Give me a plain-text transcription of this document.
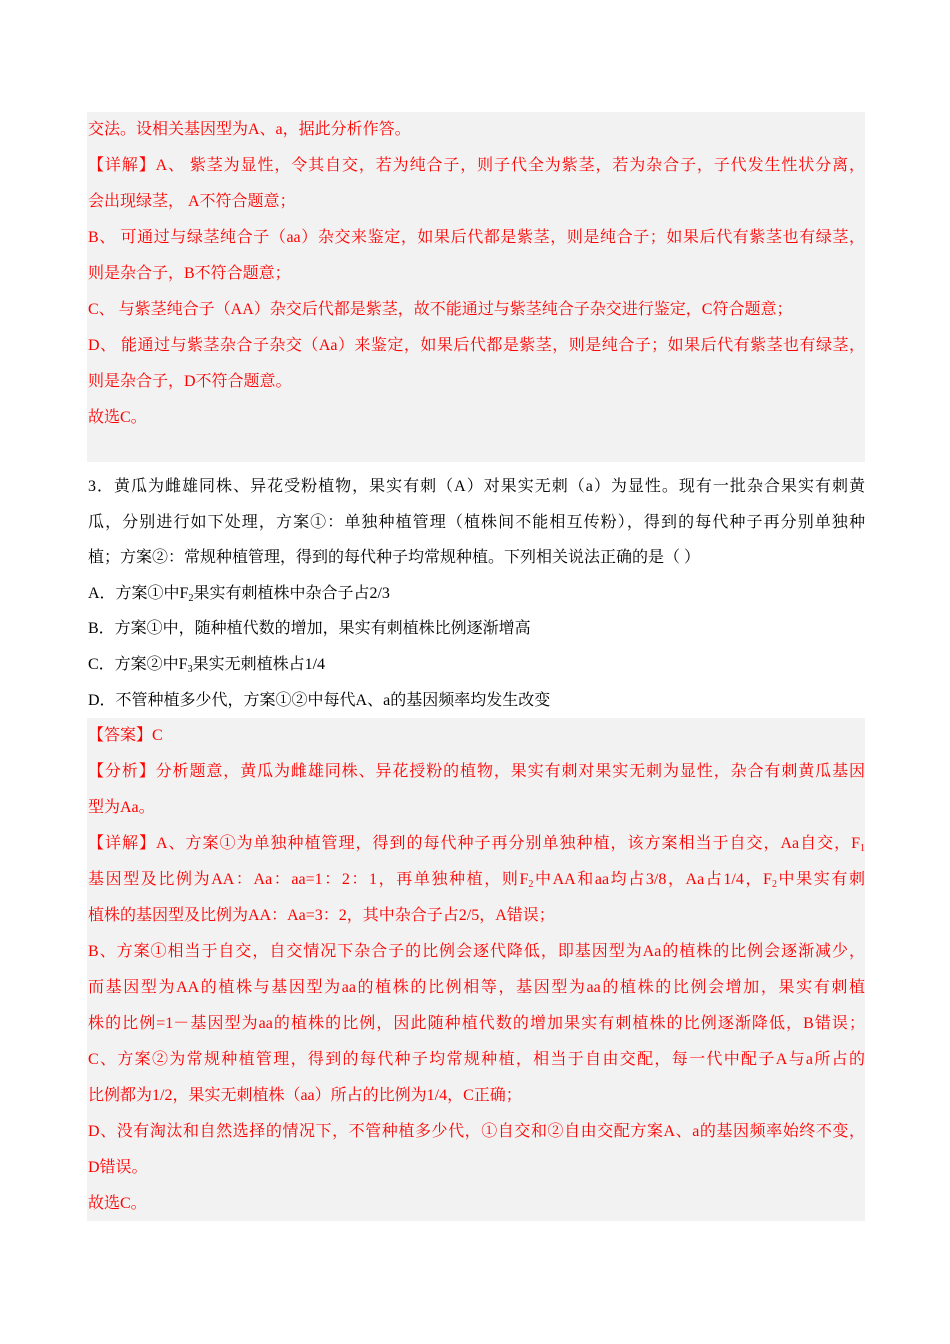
交法。设相关基因型为A、a，据此分析作答。
【详解】A、 紫茎为显性，令其自交，若为纯合子，则子代全为紫茎，若为杂合子，子代发生性状分离，
会出现绿茎， A不符合题意；
B、 可通过与绿茎纯合子（aa）杂交来鉴定，如果后代都是紫茎，则是纯合子；如果后代有紫茎也有绿茎，
则是杂合子，B不符合题意；
C、 与紫茎纯合子（AA）杂交后代都是紫茎，故不能通过与紫茎纯合子杂交进行鉴定，C符合题意；
D、 能通过与紫茎杂合子杂交（Aa）来鉴定，如果后代都是紫茎，则是纯合子；如果后代有紫茎也有绿茎，
则是杂合子，D不符合题意。
故选C。
3．黄瓜为雌雄同株、异花受粉植物，果实有刺（A）对果实无刺（a）为显性。现有一批杂合果实有刺黄
瓜，分别进行如下处理，方案①：单独种植管理（植株间不能相互传粉），得到的每代种子再分别单独种
植；方案②：常规种植管理，得到的每代种子均常规种植。下列相关说法正确的是（ ）
A．方案①中$F_2$果实有刺植株中杂合子占2/3
B．方案①中，随种植代数的增加，果实有刺植株比例逐渐增高
C．方案②中$F_3$果实无刺植株占1/4
D．不管种植多少代，方案①②中每代A、a的基因频率均发生改变
【答案】C
【分析】分析题意，黄瓜为雌雄同株、异花授粉的植物，果实有刺对果实无刺为显性，杂合有刺黄瓜基因
型为Aa。
【详解】A、方案①为单独种植管理，得到的每代种子再分别单独种植，该方案相当于自交，Aa自交，$F_1$
基因型及比例为AA：Aa：aa=1：2：1，再单独种植，则$F_2$中AA和aa均占3/8，Aa占1/4，$F_2$中果实有刺
植株的基因型及比例为AA：Aa=3：2，其中杂合子占2/5，A错误；
B、方案①相当于自交，自交情况下杂合子的比例会逐代降低，即基因型为Aa的植株的比例会逐渐减少，
而基因型为AA的植株与基因型为aa的植株的比例相等，基因型为aa的植株的比例会增加，果实有刺植
株的比例=1－基因型为aa的植株的比例，因此随种植代数的增加果实有刺植株的比例逐渐降低，B错误；
C、方案②为常规种植管理，得到的每代种子均常规种植，相当于自由交配，每一代中配子A与a所占的
比例都为1/2，果实无刺植株（aa）所占的比例为1/4，C正确；
D、没有淘汰和自然选择的情况下，不管种植多少代，①自交和②自由交配方案A、a的基因频率始终不变，
D错误。
故选C。
